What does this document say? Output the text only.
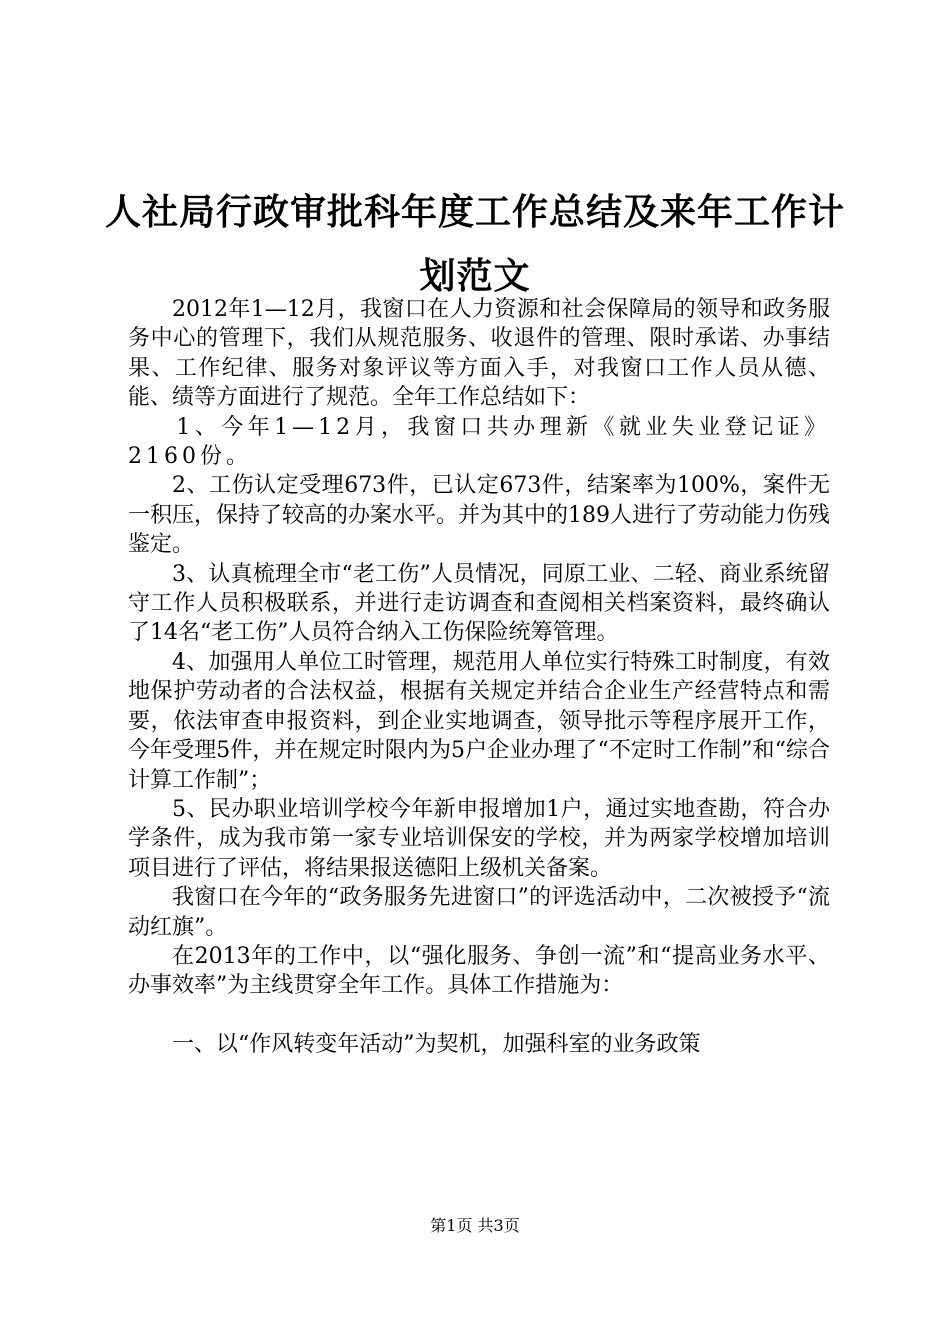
人社局行政审批科年度工作总结及来年工作计划范文

2012年1—12月，我窗口在人力资源和社会保障局的领导和政务服务中心的管理下，我们从规范服务、收退件的管理、限时承诺、办事结果、工作纪律、服务对象评议等方面入手，对我窗口工作人员从德、能、绩等方面进行了规范。全年工作总结如下：

1、今年1—12月，我窗口共办理新《就业失业登记证》2160份。

2、工伤认定受理673件，已认定673件，结案率为100%，案件无一积压，保持了较高的办案水平。并为其中的189人进行了劳动能力伤残鉴定。

3、认真梳理全市“老工伤”人员情况，同原工业、二轻、商业系统留守工作人员积极联系，并进行走访调查和查阅相关档案资料，最终确认了14名“老工伤”人员符合纳入工伤保险统筹管理。

4、加强用人单位工时管理，规范用人单位实行特殊工时制度，有效地保护劳动者的合法权益，根据有关规定并结合企业生产经营特点和需要，依法审查申报资料，到企业实地调查，领导批示等程序展开工作，今年受理5件，并在规定时限内为5户企业办理了“不定时工作制”和“综合计算工作制”；

5、民办职业培训学校今年新申报增加1户，通过实地查勘，符合办学条件，成为我市第一家专业培训保安的学校，并为两家学校增加培训项目进行了评估，将结果报送德阳上级机关备案。

我窗口在今年的“政务服务先进窗口”的评选活动中，二次被授予“流动红旗”。

在2013年的工作中，以“强化服务、争创一流”和“提高业务水平、办事效率”为主线贯穿全年工作。具体工作措施为：

一、以“作风转变年活动”为契机，加强科室的业务政策

第1页 共3页
